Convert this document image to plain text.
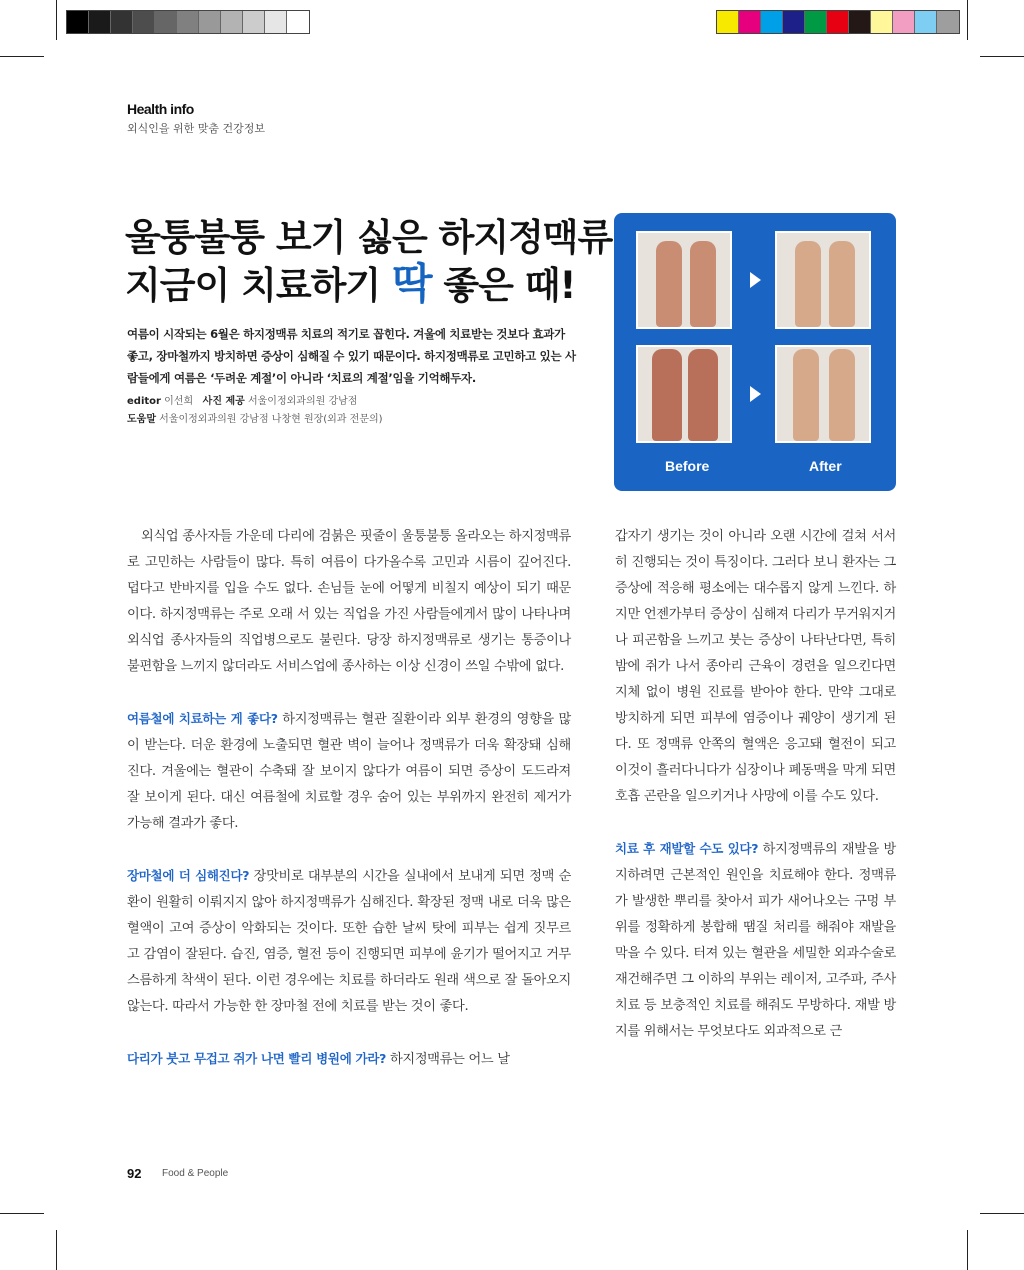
Health info
외식인을 위한 맞춤 건강정보
울퉁불퉁 보기 싫은 하지정맥류
지금이 치료하기 딱 좋은 때!
여름이 시작되는 6월은 하지정맥류 치료의 적기로 꼽힌다. 겨울에 치료받는 것보다 효과가 좋고, 장마철까지 방치하면 증상이 심해질 수 있기 때문이다. 하지정맥류로 고민하고 있는 사람들에게 여름은 ‘두려운 계절’이 아니라 ‘치료의 계절’임을 기억해두자.
editor 이선희 사진 제공 서울이정외과의원 강남점
도움말 서울이정외과의원 강남점 나창현 원장(외과 전문의)
Before	After

외식업 종사자들 가운데 다리에 검붉은 핏줄이 울퉁불퉁 올라오는 하지정맥류로 고민하는 사람들이 많다. 특히 여름이 다가올수록 고민과 시름이 깊어진다. 덥다고 반바지를 입을 수도 없다. 손님들 눈에 어떻게 비칠지 예상이 되기 때문이다. 하지정맥류는 주로 오래 서 있는 직업을 가진 사람들에게서 많이 나타나며 외식업 종사자들의 직업병으로도 불린다. 당장 하지정맥류로 생기는 통증이나 불편함을 느끼지 않더라도 서비스업에 종사하는 이상 신경이 쓰일 수밖에 없다.

여름철에 치료하는 게 좋다? 하지정맥류는 혈관 질환이라 외부 환경의 영향을 많이 받는다. 더운 환경에 노출되면 혈관 벽이 늘어나 정맥류가 더욱 확장돼 심해진다. 겨울에는 혈관이 수축돼 잘 보이지 않다가 여름이 되면 증상이 도드라져 잘 보이게 된다. 대신 여름철에 치료할 경우 숨어 있는 부위까지 완전히 제거가 가능해 결과가 좋다.

장마철에 더 심해진다? 장맛비로 대부분의 시간을 실내에서 보내게 되면 정맥 순환이 원활히 이뤄지지 않아 하지정맥류가 심해진다. 확장된 정맥 내로 더욱 많은 혈액이 고여 증상이 악화되는 것이다. 또한 습한 날씨 탓에 피부는 쉽게 짓무르고 감염이 잘된다. 습진, 염증, 혈전 등이 진행되면 피부에 윤기가 떨어지고 거무스름하게 착색이 된다. 이런 경우에는 치료를 하더라도 원래 색으로 잘 돌아오지 않는다. 따라서 가능한 한 장마철 전에 치료를 받는 것이 좋다.

다리가 붓고 무겁고 쥐가 나면 빨리 병원에 가라? 하지정맥류는 어느 날

갑자기 생기는 것이 아니라 오랜 시간에 걸쳐 서서히 진행되는 것이 특징이다. 그러다 보니 환자는 그 증상에 적응해 평소에는 대수롭지 않게 느낀다. 하지만 언젠가부터 증상이 심해져 다리가 무거워지거나 피곤함을 느끼고 붓는 증상이 나타난다면, 특히 밤에 쥐가 나서 종아리 근육이 경련을 일으킨다면 지체 없이 병원 진료를 받아야 한다. 만약 그대로 방치하게 되면 피부에 염증이나 궤양이 생기게 된다. 또 정맥류 안쪽의 혈액은 응고돼 혈전이 되고 이것이 흘러다니다가 심장이나 폐동맥을 막게 되면 호흡 곤란을 일으키거나 사망에 이를 수도 있다.

치료 후 재발할 수도 있다? 하지정맥류의 재발을 방지하려면 근본적인 원인을 치료해야 한다. 정맥류가 발생한 뿌리를 찾아서 피가 새어나오는 구멍 부위를 정확하게 봉합해 땜질 처리를 해줘야 재발을 막을 수 있다. 터져 있는 혈관을 세밀한 외과수술로 재건해주면 그 이하의 부위는 레이저, 고주파, 주사 치료 등 보충적인 치료를 해줘도 무방하다. 재발 방지를 위해서는 무엇보다도 외과적으로 근

92 Food & People
